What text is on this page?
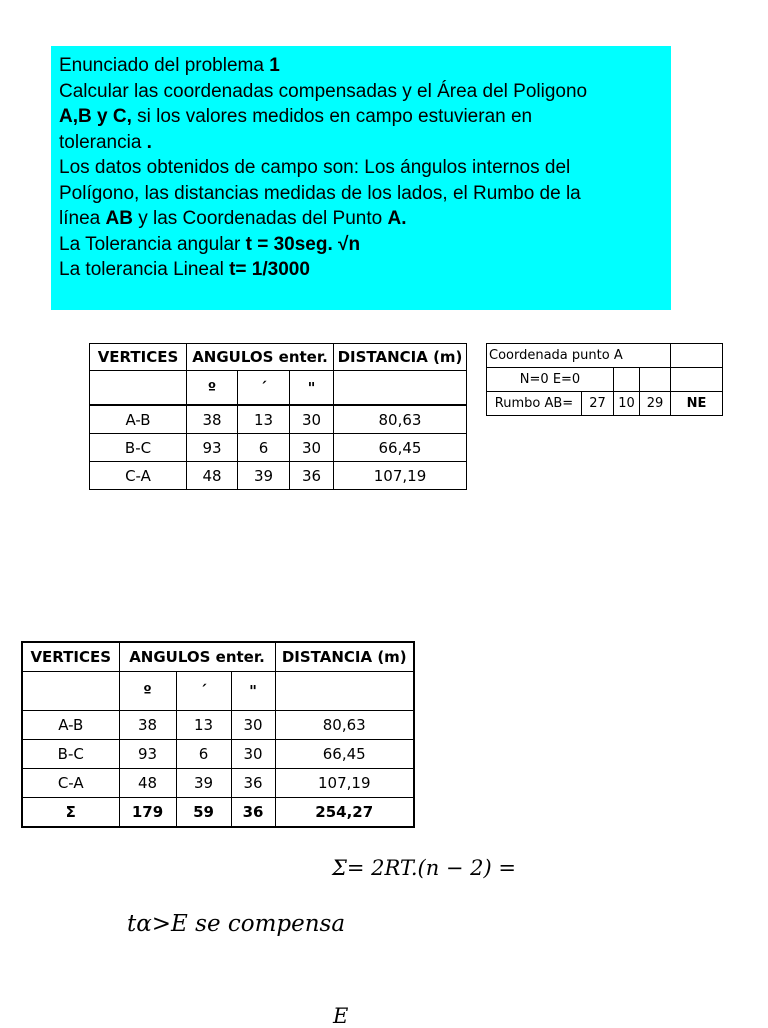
Enunciado del problema 1
Calcular las coordenadas compensadas y el Área del Poligono
A,B y C, si los valores medidos en campo estuvieran en
tolerancia .
Los datos obtenidos de campo son: Los ángulos internos del
Polígono, las distancias medidas de los lados, el Rumbo de la
línea AB y las Coordenadas del Punto A.
La Tolerancia angular t = 30seg. √n
La tolerancia Lineal t= 1/3000
VERTICES	ANGULOS enter.			DISTANCIA (m)
	º	´	"	
A-B	38	13	30	80,63
B-C	93	6	30	66,45
C-A	48	39	36	107,19
Coordenada punto A				
N=0 E=0				
Rumbo AB=	27	10	29	NE
VERTICES	ANGULOS enter.			DISTANCIA (m)
	º	´	"	
A-B	38	13	30	80,63
B-C	93	6	30	66,45
C-A	48	39	36	107,19
Σ	179	59	36	254,27
Σ= 2RT.(n − 2) =
tα>E se compensa
E
